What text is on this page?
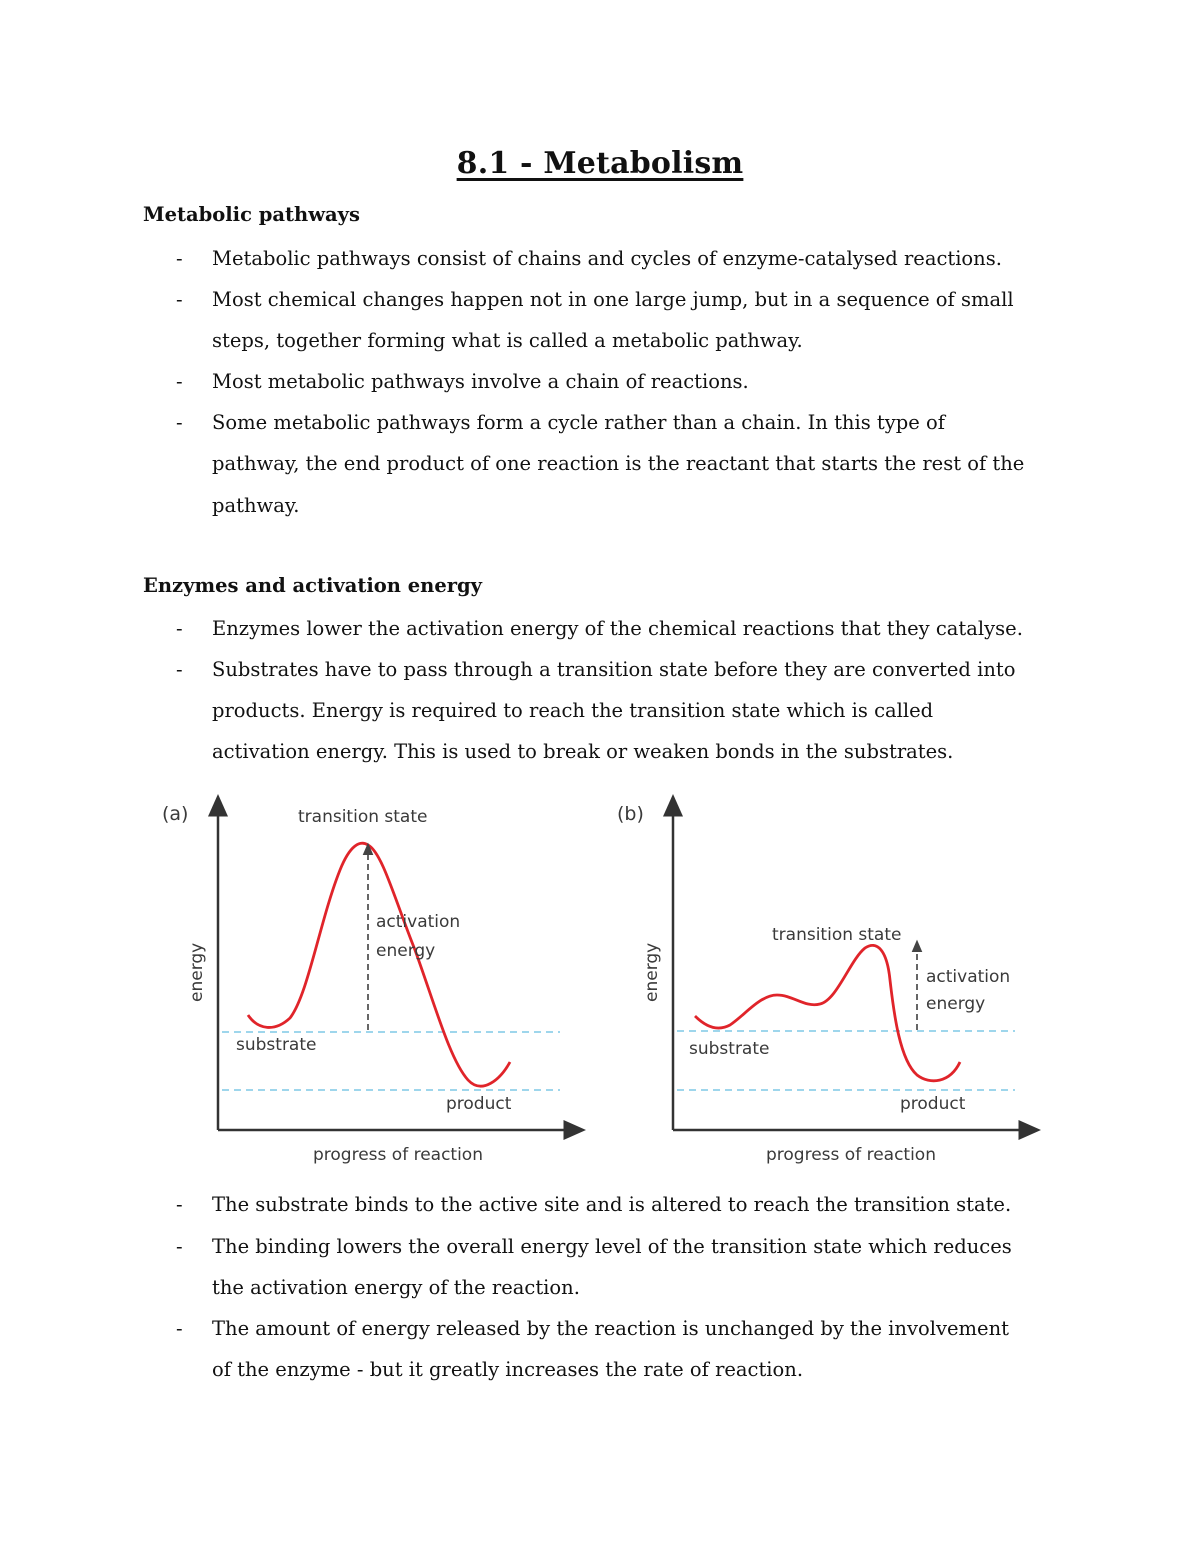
8.1 - Metabolism
Metabolic pathways
Enzymes and activation energy
- Metabolic pathways consist of chains and cycles of enzyme-catalysed reactions.
- Most chemical changes happen not in one large jump, but in a sequence of small
steps, together forming what is called a metabolic pathway.
- Most metabolic pathways involve a chain of reactions.
- Some metabolic pathways form a cycle rather than a chain. In this type of
pathway, the end product of one reaction is the reactant that starts the rest of the
pathway.
- Enzymes lower the activation energy of the chemical reactions that they catalyse.
- Substrates have to pass through a transition state before they are converted into
products. Energy is required to reach the transition state which is called
activation energy. This is used to break or weaken bonds in the substrates.
- The substrate binds to the active site and is altered to reach the transition state.
- The binding lowers the overall energy level of the transition state which reduces
the activation energy of the reaction.
- The amount of energy released by the reaction is unchanged by the involvement
of the enzyme - but it greatly increases the rate of reaction.
(a)	transition state
activation
energy
substrate
product
progress of reaction
energy
(b)
transition state
activation
energy
substrate
product
progress of reaction
energy
